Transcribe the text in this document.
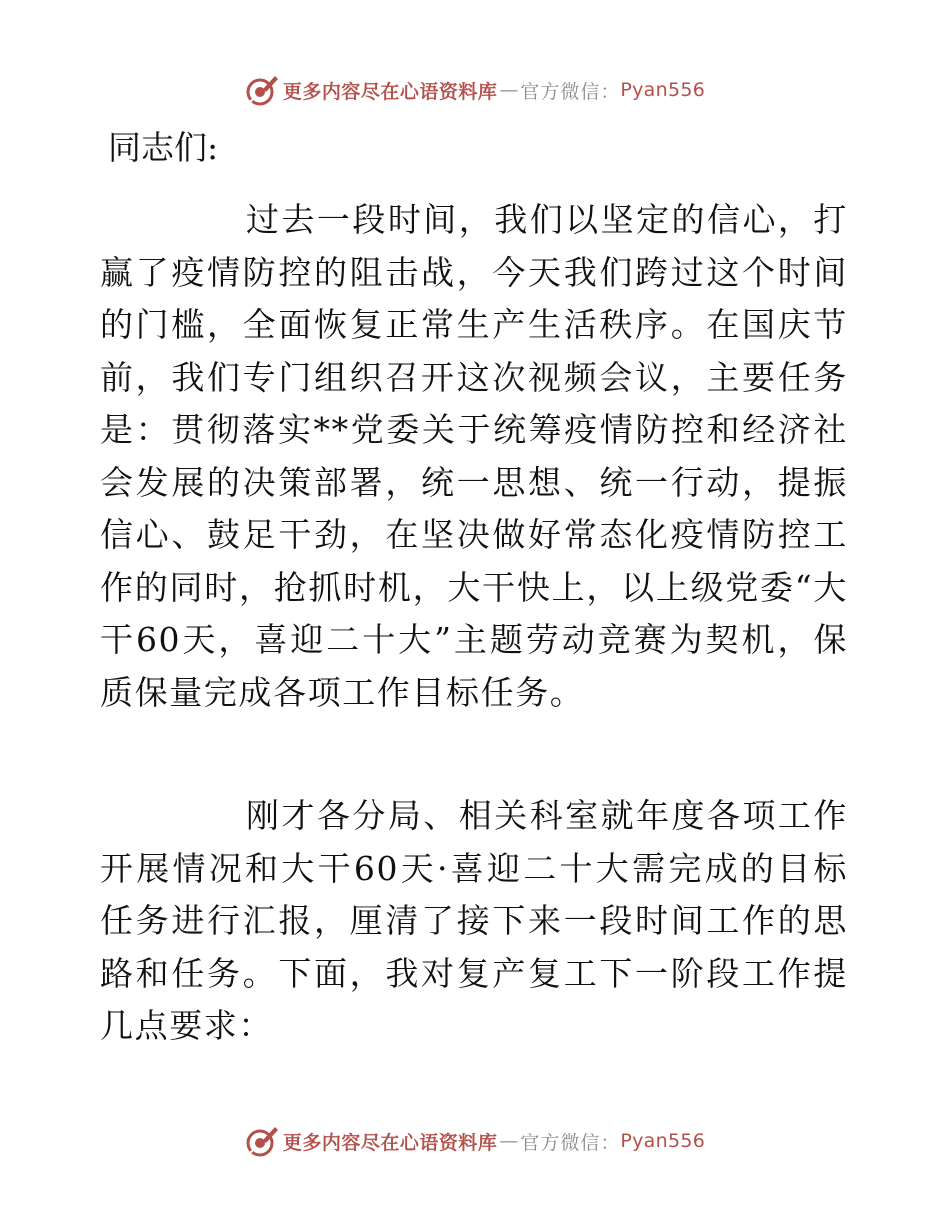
更多内容尽在心语资料库 — 官方微信： Pyan556

同志们:

过去一段时间，我们以坚定的信心，打赢了疫情防控的阻击战，今天我们跨过这个时间的门槛，全面恢复正常生产生活秩序。在国庆节前，我们专门组织召开这次视频会议，主要任务是：贯彻落实**党委关于统筹疫情防控和经济社会发展的决策部署，统一思想、统一行动，提振信心、鼓足干劲，在坚决做好常态化疫情防控工作的同时，抢抓时机，大干快上，以上级党委“大干60天，喜迎二十大”主题劳动竞赛为契机，保质保量完成各项工作目标任务。

刚才各分局、相关科室就年度各项工作开展情况和大干60天·喜迎二十大需完成的目标任务进行汇报，厘清了接下来一段时间工作的思路和任务。下面，我对复产复工下一阶段工作提几点要求：

更多内容尽在心语资料库 — 官方微信： Pyan556
